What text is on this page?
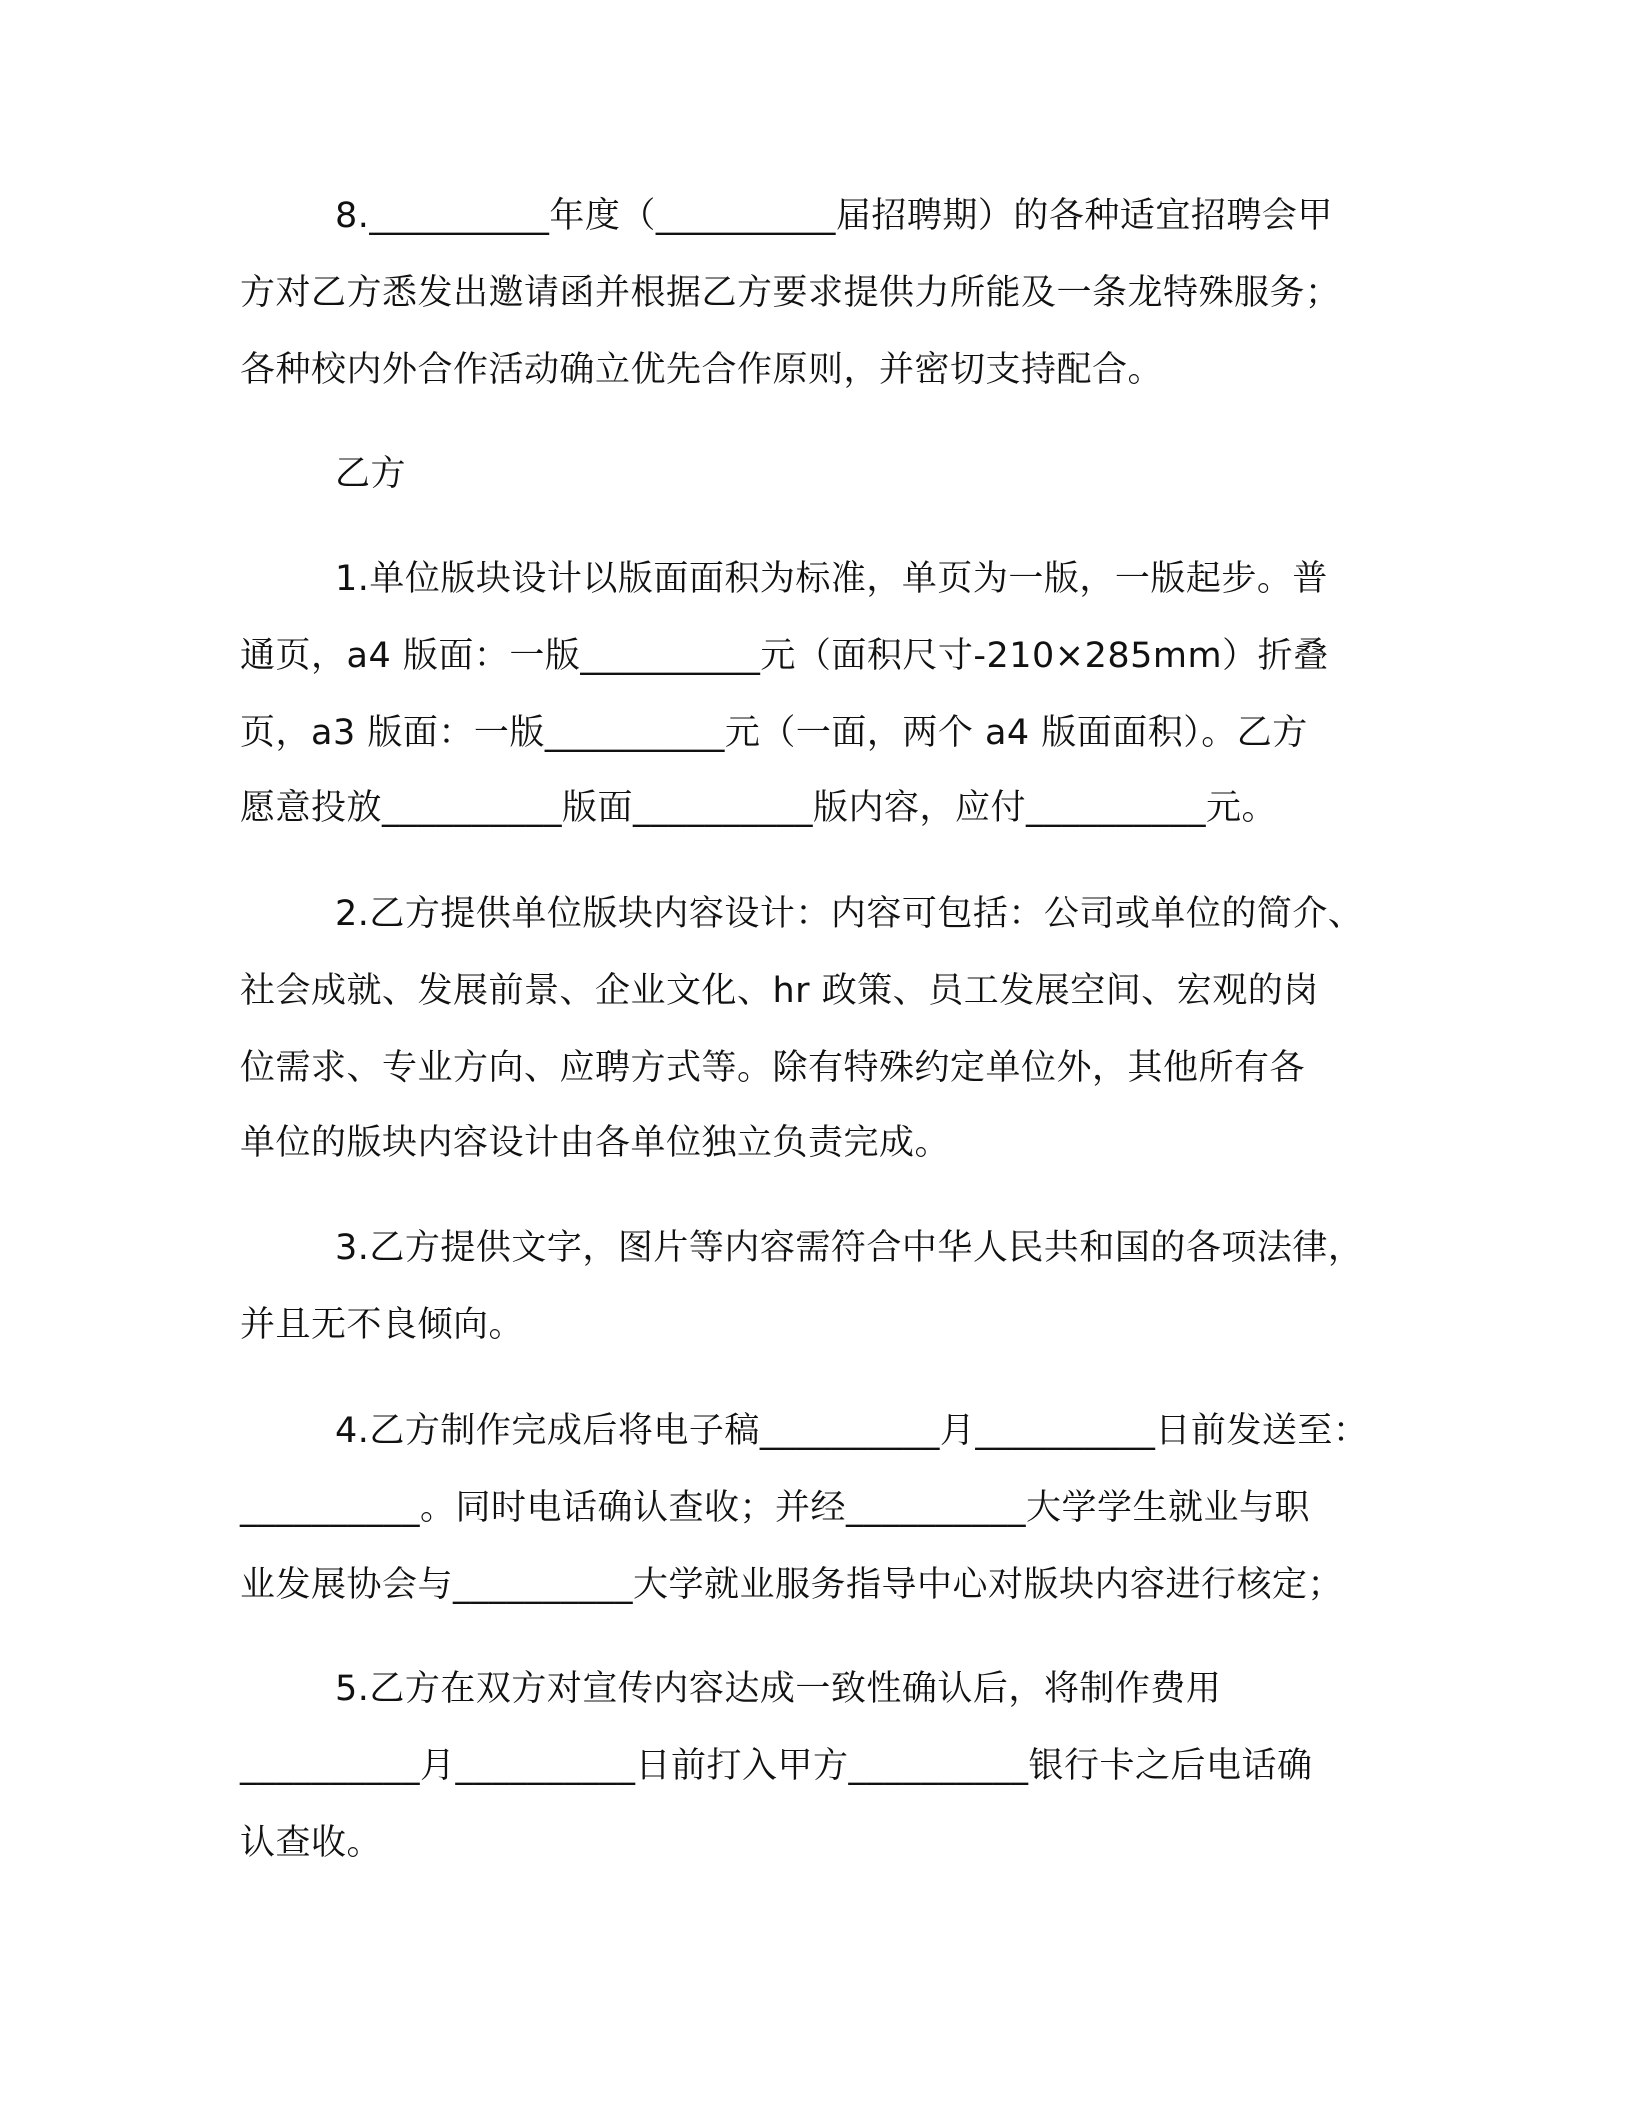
8.__________年度（__________届招聘期）的各种适宜招聘会甲
方对乙方悉发出邀请函并根据乙方要求提供力所能及一条龙特殊服务；
各种校内外合作活动确立优先合作原则，并密切支持配合。
乙方
1.单位版块设计以版面面积为标准，单页为一版，一版起步。普
通页，a4 版面：一版__________元（面积尺寸-210×285mm）折叠
页，a3 版面：一版__________元（一面，两个 a4 版面面积）。乙方
愿意投放__________版面__________版内容，应付__________元。
2.乙方提供单位版块内容设计：内容可包括：公司或单位的简介、
社会成就、发展前景、企业文化、hr 政策、员工发展空间、宏观的岗
位需求、专业方向、应聘方式等。除有特殊约定单位外，其他所有各
单位的版块内容设计由各单位独立负责完成。
3.乙方提供文字，图片等内容需符合中华人民共和国的各项法律，
并且无不良倾向。
4.乙方制作完成后将电子稿__________月__________日前发送至：
__________。同时电话确认查收；并经__________大学学生就业与职
业发展协会与__________大学就业服务指导中心对版块内容进行核定；
5.乙方在双方对宣传内容达成一致性确认后，将制作费用
__________月__________日前打入甲方__________银行卡之后电话确
认查收。
